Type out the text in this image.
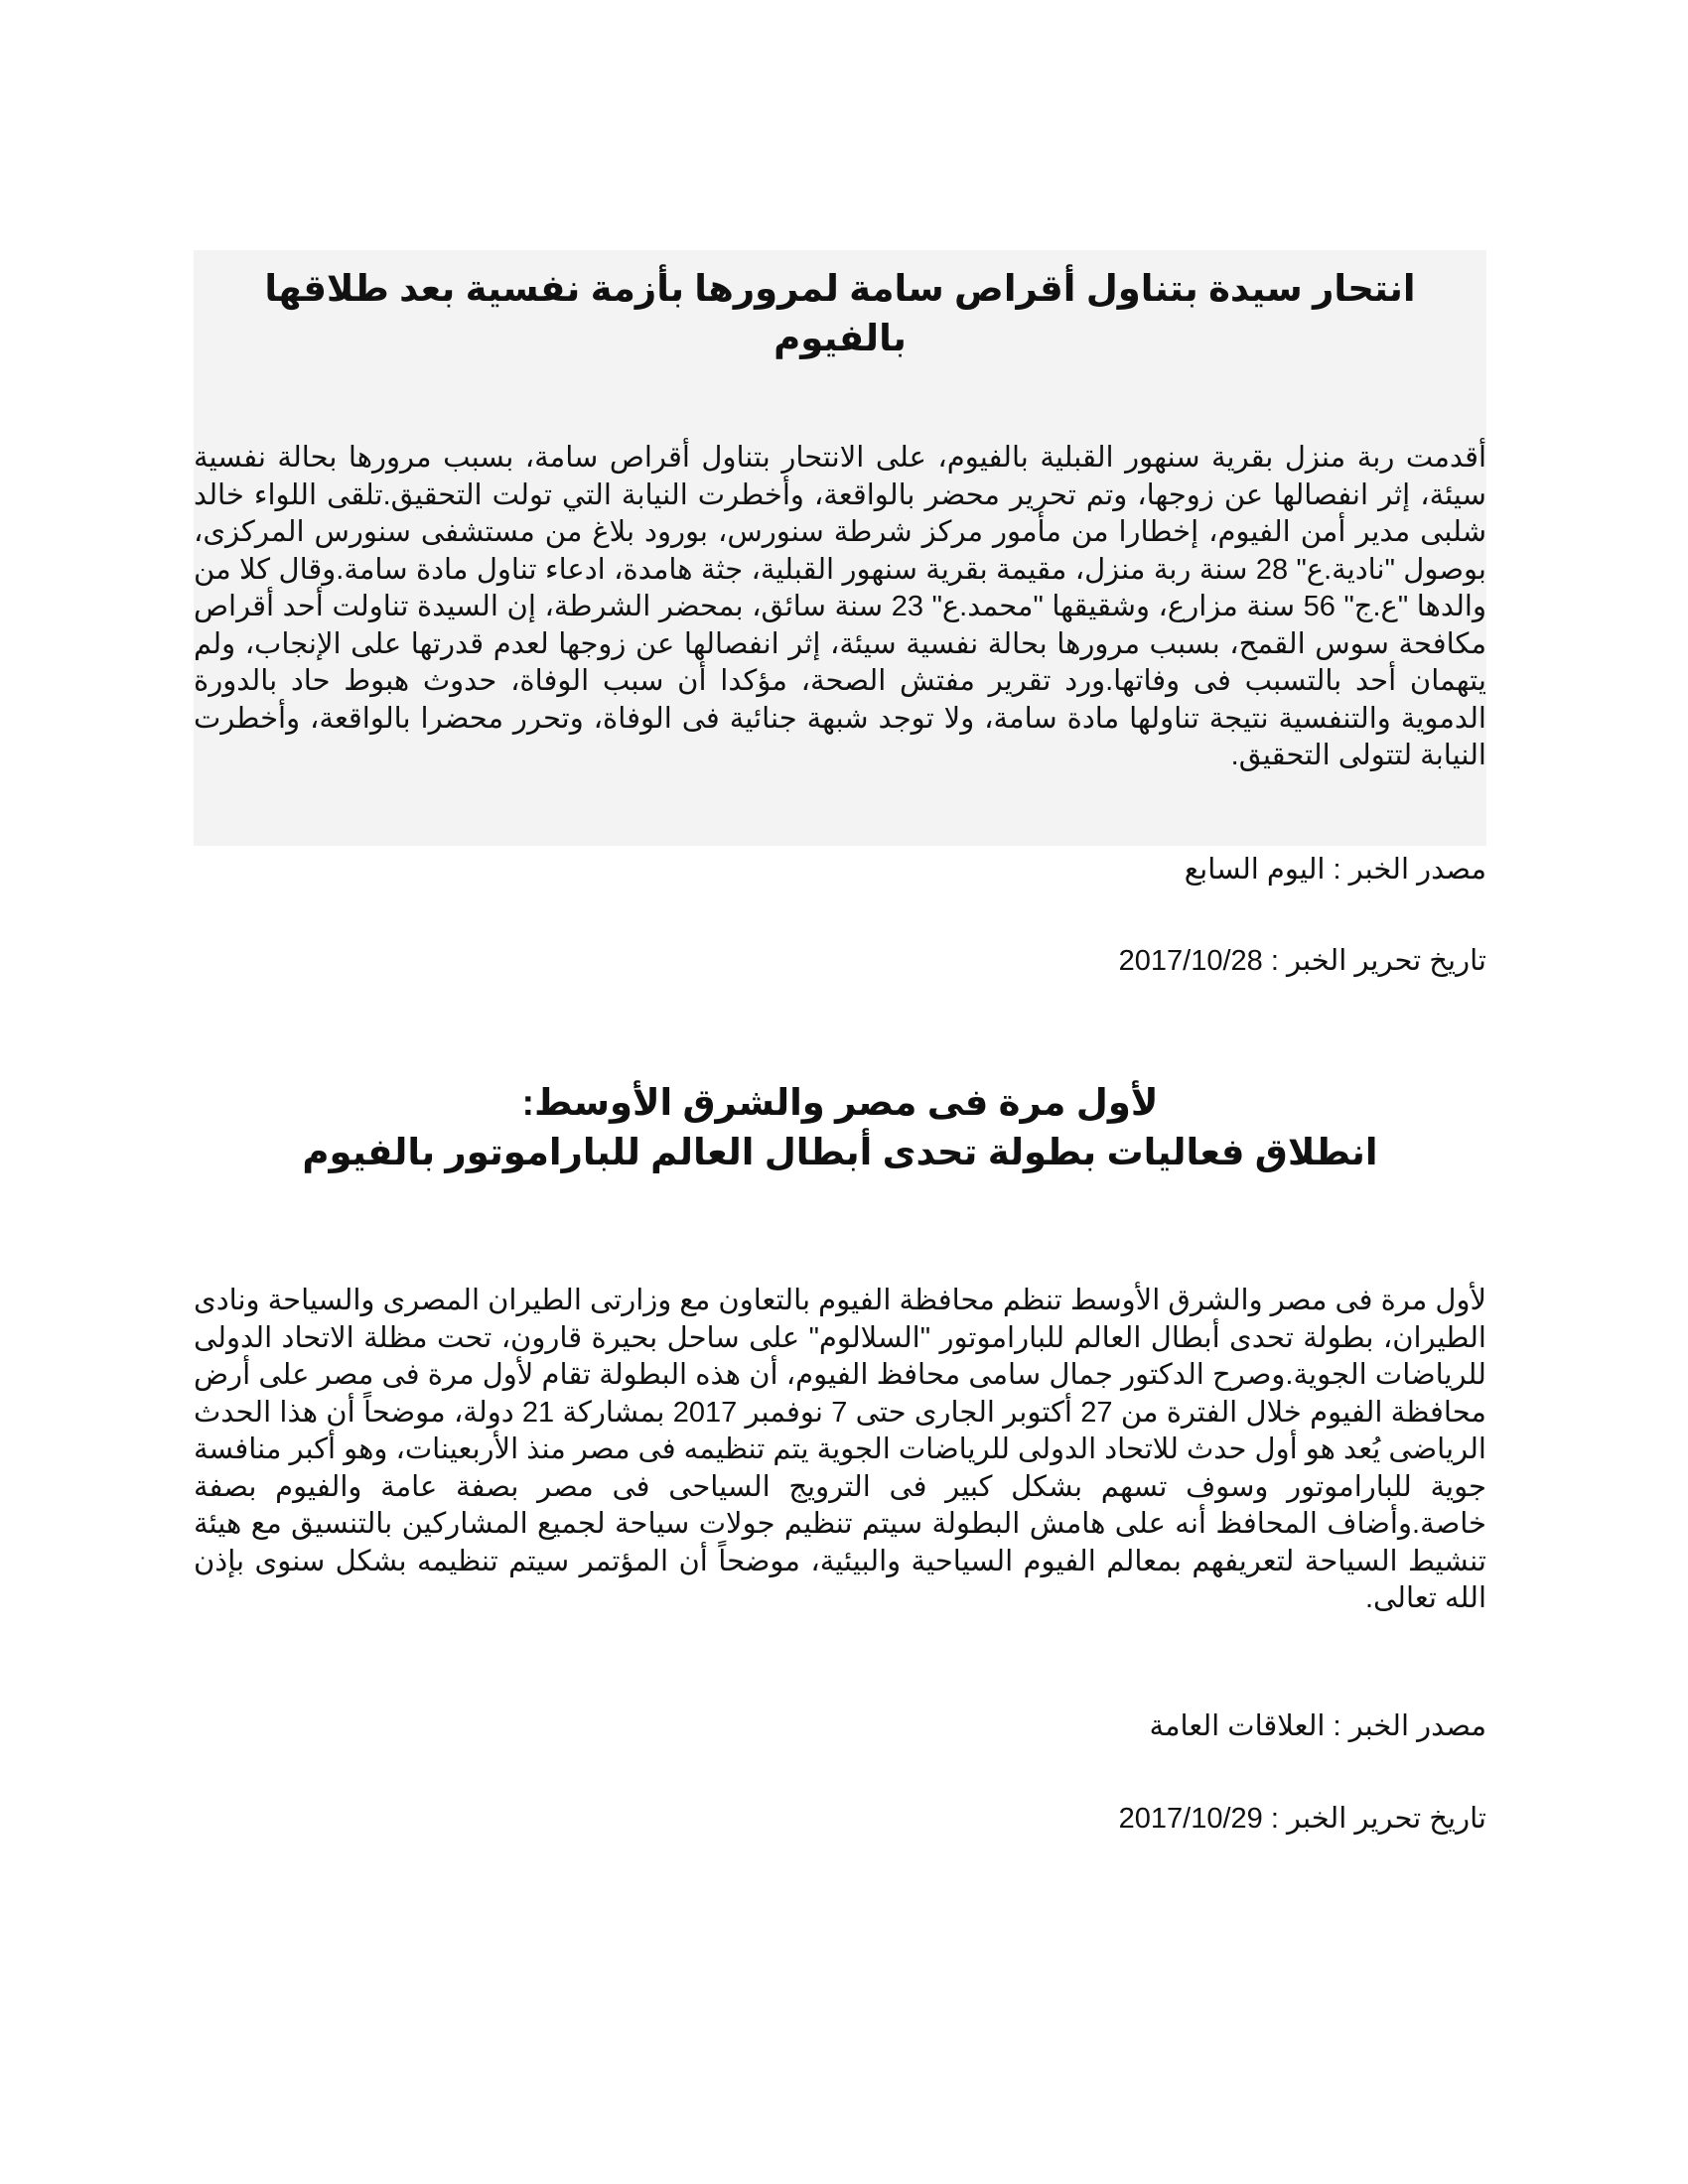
انتحار سيدة بتناول أقراص سامة لمرورها بأزمة نفسية بعد طلاقها بالفيوم

أقدمت ربة منزل بقرية سنهور القبلية بالفيوم، على الانتحار بتناول أقراص سامة، بسبب مرورها بحالة نفسية سيئة، إثر انفصالها عن زوجها، وتم تحرير محضر بالواقعة، وأخطرت النيابة التي تولت التحقيق.تلقى اللواء خالد شلبى مدير أمن الفيوم، إخطارا من مأمور مركز شرطة سنورس، بورود بلاغ من مستشفى سنورس المركزى، بوصول "نادية.ع" 28 سنة ربة منزل، مقيمة بقرية سنهور القبلية، جثة هامدة، ادعاء تناول مادة سامة.وقال كلا من والدها "ع.ج" 56 سنة مزارع، وشقيقها "محمد.ع" 23 سنة سائق، بمحضر الشرطة، إن السيدة تناولت أحد أقراص مكافحة سوس القمح، بسبب مرورها بحالة نفسية سيئة، إثر انفصالها عن زوجها لعدم قدرتها على الإنجاب، ولم يتهمان أحد بالتسبب فى وفاتها.ورد تقرير مفتش الصحة، مؤكدا أن سبب الوفاة، حدوث هبوط حاد بالدورة الدموية والتنفسية نتيجة تناولها مادة سامة، ولا توجد شبهة جنائية فى الوفاة، وتحرر محضرا بالواقعة، وأخطرت النيابة لتتولى التحقيق.

مصدر الخبر : اليوم السابع

تاريخ تحرير الخبر : 2017/10/28

لأول مرة فى مصر والشرق الأوسط:
انطلاق فعاليات بطولة تحدى أبطال العالم للباراموتور بالفيوم

لأول مرة فى مصر والشرق الأوسط تنظم محافظة الفيوم بالتعاون مع وزارتى الطيران المصرى والسياحة ونادى الطيران، بطولة تحدى أبطال العالم للباراموتور "السلالوم" على ساحل بحيرة قارون، تحت مظلة الاتحاد الدولى للرياضات الجوية.وصرح الدكتور جمال سامى محافظ الفيوم، أن هذه البطولة تقام لأول مرة فى مصر على أرض محافظة الفيوم خلال الفترة من 27 أكتوبر الجارى حتى 7 نوفمبر 2017 بمشاركة 21 دولة، موضحاً أن هذا الحدث الرياضى يُعد هو أول حدث للاتحاد الدولى للرياضات الجوية يتم تنظيمه فى مصر منذ الأربعينات، وهو أكبر منافسة جوية للباراموتور وسوف تسهم بشكل كبير فى الترويج السياحى فى مصر بصفة عامة والفيوم بصفة خاصة.وأضاف المحافظ أنه على هامش البطولة سيتم تنظيم جولات سياحة لجميع المشاركين بالتنسيق مع هيئة تنشيط السياحة لتعريفهم بمعالم الفيوم السياحية والبيئية، موضحاً أن المؤتمر سيتم تنظيمه بشكل سنوى بإذن الله تعالى.

مصدر الخبر : العلاقات العامة

تاريخ تحرير الخبر : 2017/10/29
